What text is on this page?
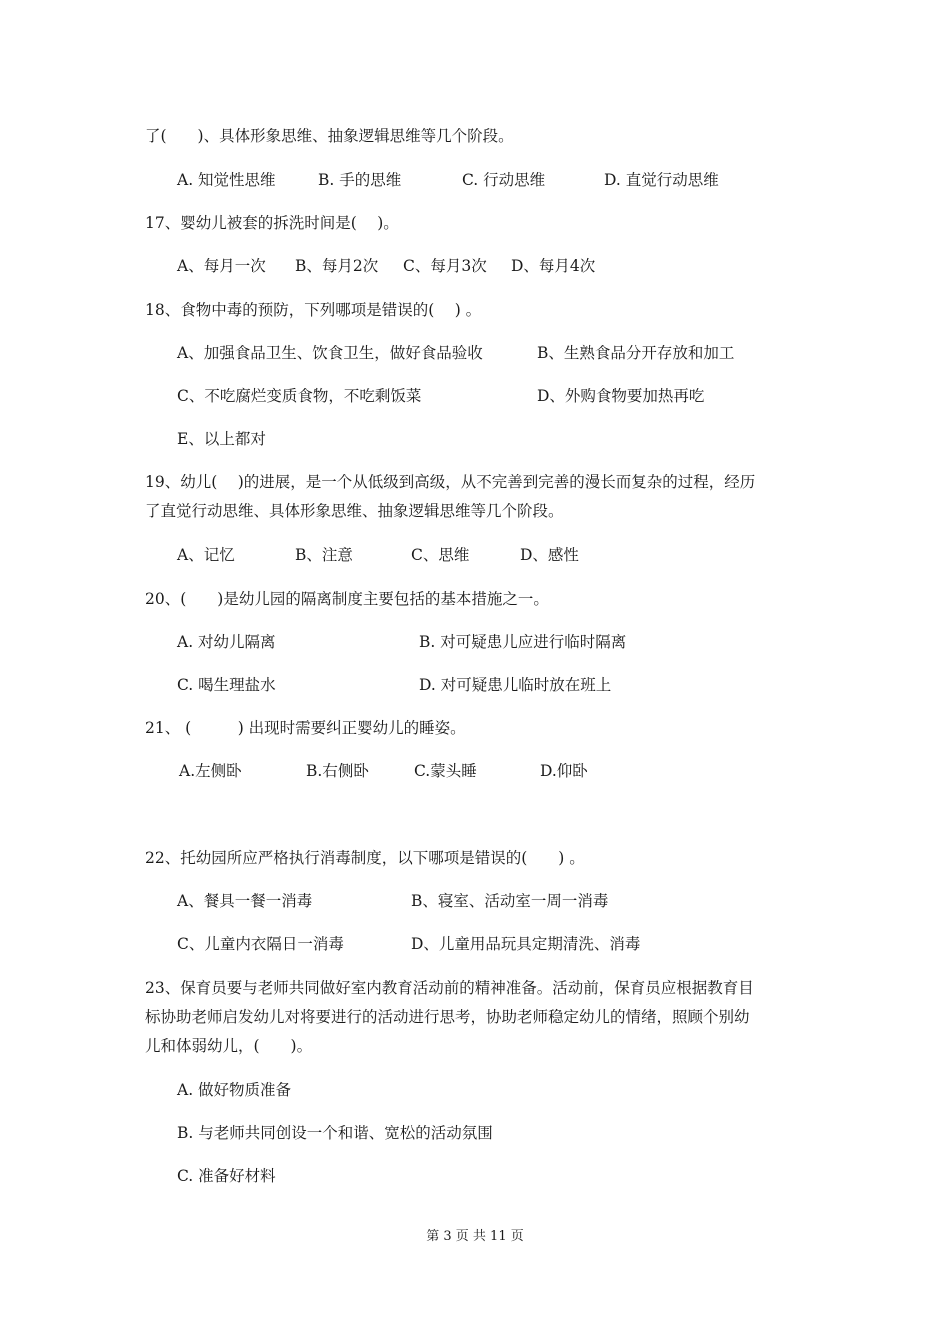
了(　　)、具体形象思维、抽象逻辑思维等几个阶段。
A. 知觉性思维	B. 手的思维	C. 行动思维	D. 直觉行动思维
17、婴幼儿被套的拆洗时间是(　 )。
A、每月一次 B、每月2次 C、每月3次 D、每月4次
18、食物中毒的预防，下列哪项是错误的(　 ) 。
A、加强食品卫生、饮食卫生，做好食品验收	B、生熟食品分开存放和加工
C、不吃腐烂变质食物，不吃剩饭菜	D、外购食物要加热再吃
E、以上都对
19、幼儿(　 )的进展，是一个从低级到高级，从不完善到完善的漫长而复杂的过程，经历
了直觉行动思维、具体形象思维、抽象逻辑思维等几个阶段。
A、记忆	B、注意	C、思维	D、感性
20、(　　)是幼儿园的隔离制度主要包括的基本措施之一。
A. 对幼儿隔离	B. 对可疑患儿应进行临时隔离
C. 喝生理盐水	D. 对可疑患儿临时放在班上
21、 (　　　) 出现时需要纠正婴幼儿的睡姿。
A.左侧卧	B.右侧卧	C.蒙头睡	D.仰卧
22、托幼园所应严格执行消毒制度，以下哪项是错误的(　　) 。
A、餐具一餐一消毒	B、寝室、活动室一周一消毒
C、儿童内衣隔日一消毒	D、儿童用品玩具定期清洗、消毒
23、保育员要与老师共同做好室内教育活动前的精神准备。活动前，保育员应根据教育目
标协助老师启发幼儿对将要进行的活动进行思考，协助老师稳定幼儿的情绪，照顾个别幼
儿和体弱幼儿，(　　)。
A. 做好物质准备
B. 与老师共同创设一个和谐、宽松的活动氛围
C. 准备好材料
第 3 页 共 11 页
